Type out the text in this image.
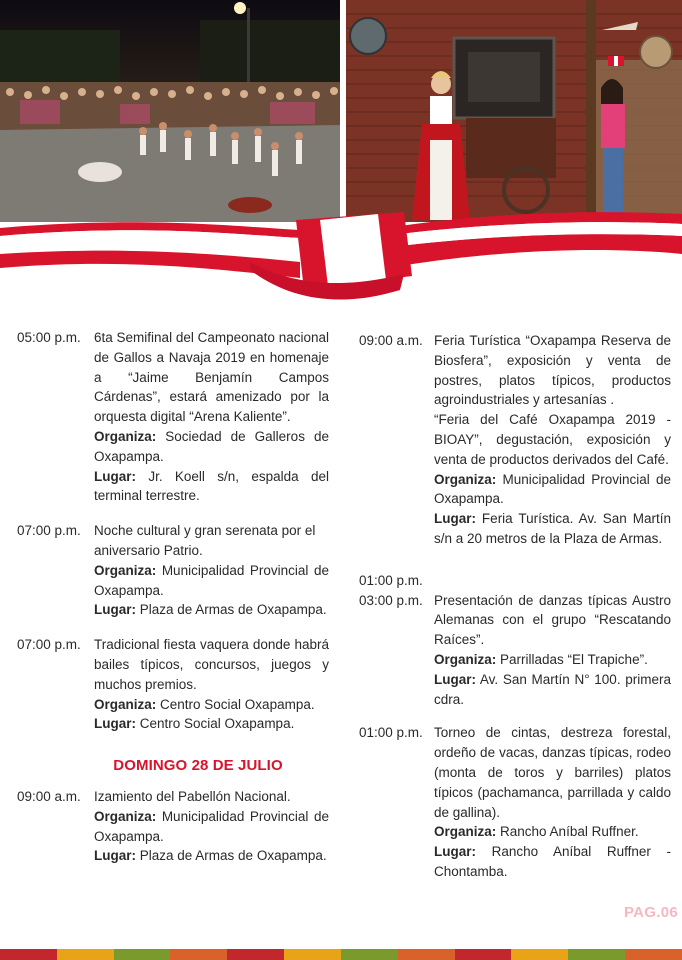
05:00 p.m. 6ta Semifinal del Campeonato nacional de Gallos a Navaja 2019 en homenaje a “Jaime Benjamín Campos Cárdenas”, estará amenizado por la orquesta digital “Arena Kaliente”.

Organiza: Sociedad de Galleros de Oxapampa.

Lugar: Jr. Koell s/n, espalda del terminal terrestre.

07:00 p.m. Noche cultural y gran serenata por el aniversario Patrio.

Organiza: Municipalidad Provincial de Oxapampa.

Lugar: Plaza de Armas de Oxapampa.

07:00 p.m. Tradicional fiesta vaquera donde habrá bailes típicos, concursos, juegos y muchos premios.

Organiza: Centro Social Oxapampa.

Lugar: Centro Social Oxapampa.

DOMINGO 28 DE JULIO
09:00 a.m. Izamiento del Pabellón Nacional.

Organiza: Municipalidad Provincial de Oxapampa.

Lugar: Plaza de Armas de Oxapampa.

09:00 a.m. Feria Turística “Oxapampa Reserva de Biosfera”, exposición y venta de postres, platos típicos, productos agroindustriales y artesanías .

“Feria del Café Oxapampa 2019 - BIOAY”, degustación, exposición y venta de productos derivados del Café.

Organiza: Municipalidad Provincial de Oxapampa.

Lugar: Feria Turística. Av. San Martín s/n a 20 metros de la Plaza de Armas.

01:00 p.m.
03:00 p.m. Presentación de danzas típicas Austro Alemanas con el grupo “Rescatando Raíces”.

Organiza: Parrilladas “El Trapiche”.

Lugar: Av. San Martín N° 100. primera cdra.

01:00 p.m. Torneo de cintas, destreza forestal, ordeño de vacas, danzas típicas, rodeo (monta de toros y barriles) platos típicos (pachamanca, parrillada y caldo de gallina).

Organiza: Rancho Aníbal Ruffner.

Lugar: Rancho Aníbal Ruffner - Chontamba.

PAG.06
